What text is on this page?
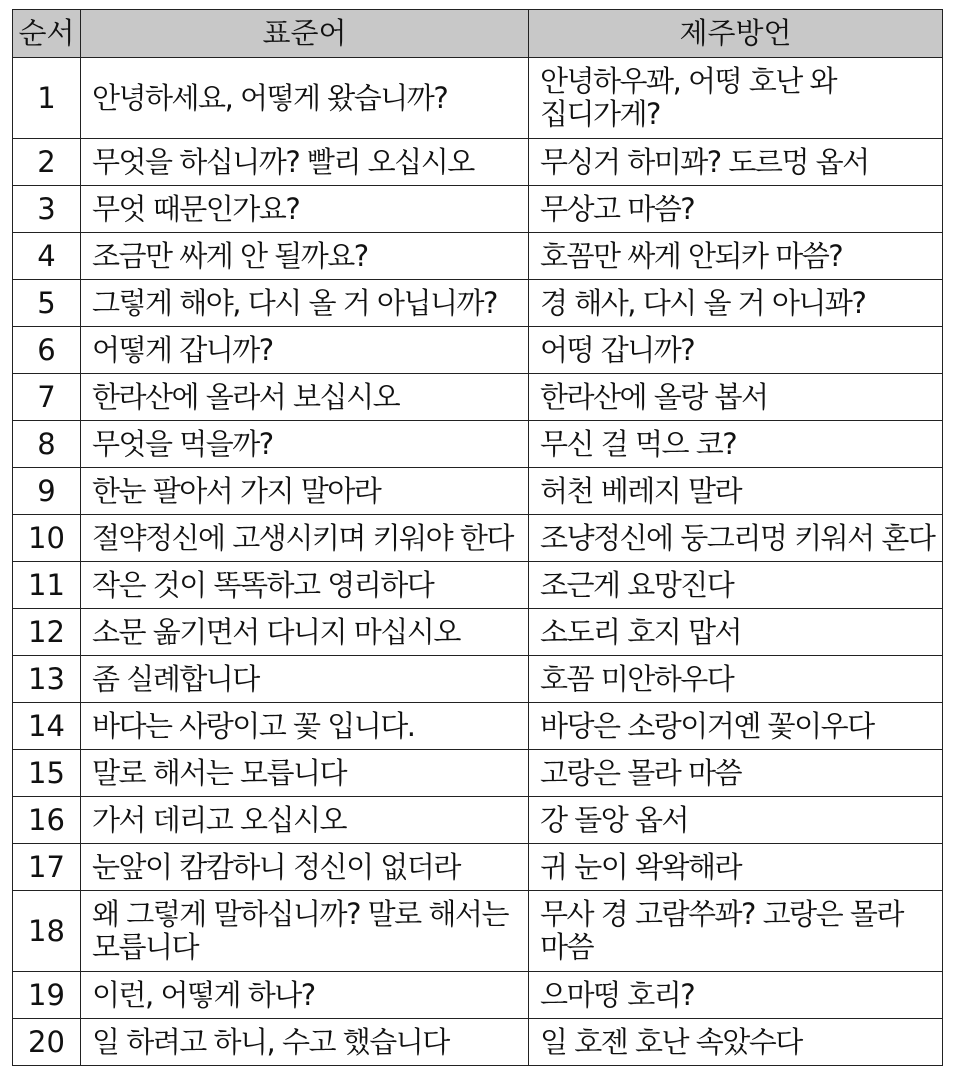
순서	표준어	제주방언
1	안녕하세요, 어떻게 왔습니까?	안녕하우꽈, 어떵 호난 와 집디가게?
2	무엇을 하십니까? 빨리 오십시오	무싱거 하미꽈? 도르멍 옵서
3	무엇 때문인가요?	무상고 마씀?
4	조금만 싸게 안 될까요?	호꼼만 싸게 안되카 마씀?
5	그렇게 해야, 다시 올 거 아닙니까?	경 해사, 다시 올 거 아니꽈?
6	어떻게 갑니까?	어떵 갑니까?
7	한라산에 올라서 보십시오	한라산에 올랑 봅서
8	무엇을 먹을까?	무신 걸 먹으 코?
9	한눈 팔아서 가지 말아라	허천 베레지 말라
10	절약정신에 고생시키며 키워야 한다	조냥정신에 둥그리멍 키워서 혼다
11	작은 것이 똑똑하고 영리하다	조근게 요망진다
12	소문 옮기면서 다니지 마십시오	소도리 호지 맙서
13	좀 실례합니다	호꼼 미안하우다
14	바다는 사랑이고 꽃 입니다.	바당은 소랑이거옌 꽃이우다
15	말로 해서는 모릅니다	고랑은 몰라 마씀
16	가서 데리고 오십시오	강 돌앙 옵서
17	눈앞이 캄캄하니 정신이 없더라	귀 눈이 왁왁해라
18	왜 그렇게 말하십니까? 말로 해서는 모릅니다	무사 경 고람쑤꽈? 고랑은 몰라 마씀
19	이런, 어떻게 하나?	으마떵 호리?
20	일 하려고 하니, 수고 했습니다	일 호젠 호난 속았수다
